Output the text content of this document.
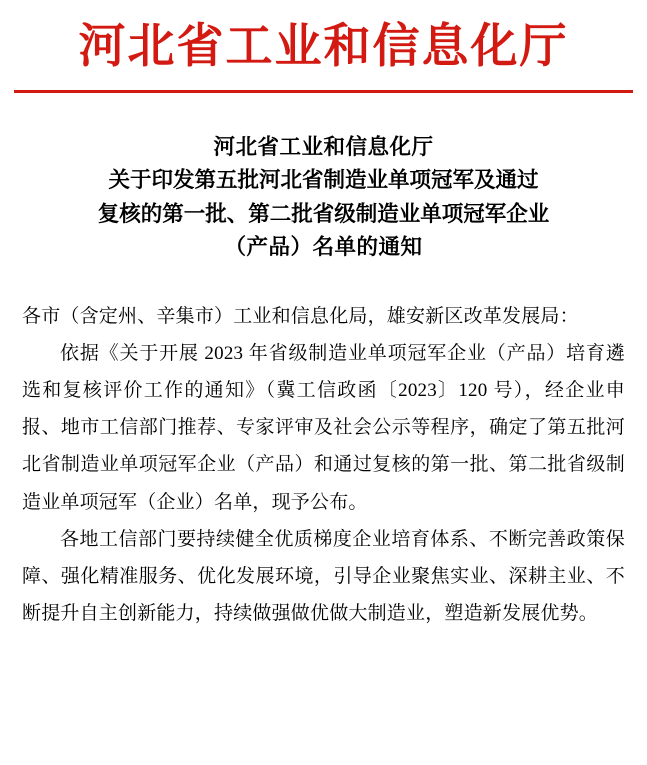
河北省工业和信息化厅
河北省工业和信息化厅
关于印发第五批河北省制造业单项冠军及通过
复核的第一批、第二批省级制造业单项冠军企业
（产品）名单的通知

各市（含定州、辛集市）工业和信息化局，雄安新区改革发展局：

依据《关于开展 2023 年省级制造业单项冠军企业（产品）培育遴选和复核评价工作的通知》（冀工信政函〔2023〕120 号），经企业申报、地市工信部门推荐、专家评审及社会公示等程序，确定了第五批河北省制造业单项冠军企业（产品）和通过复核的第一批、第二批省级制造业单项冠军（企业）名单，现予公布。

各地工信部门要持续健全优质梯度企业培育体系、不断完善政策保障、强化精准服务、优化发展环境，引导企业聚焦实业、深耕主业、不断提升自主创新能力，持续做强做优做大制造业，塑造新发展优势。
